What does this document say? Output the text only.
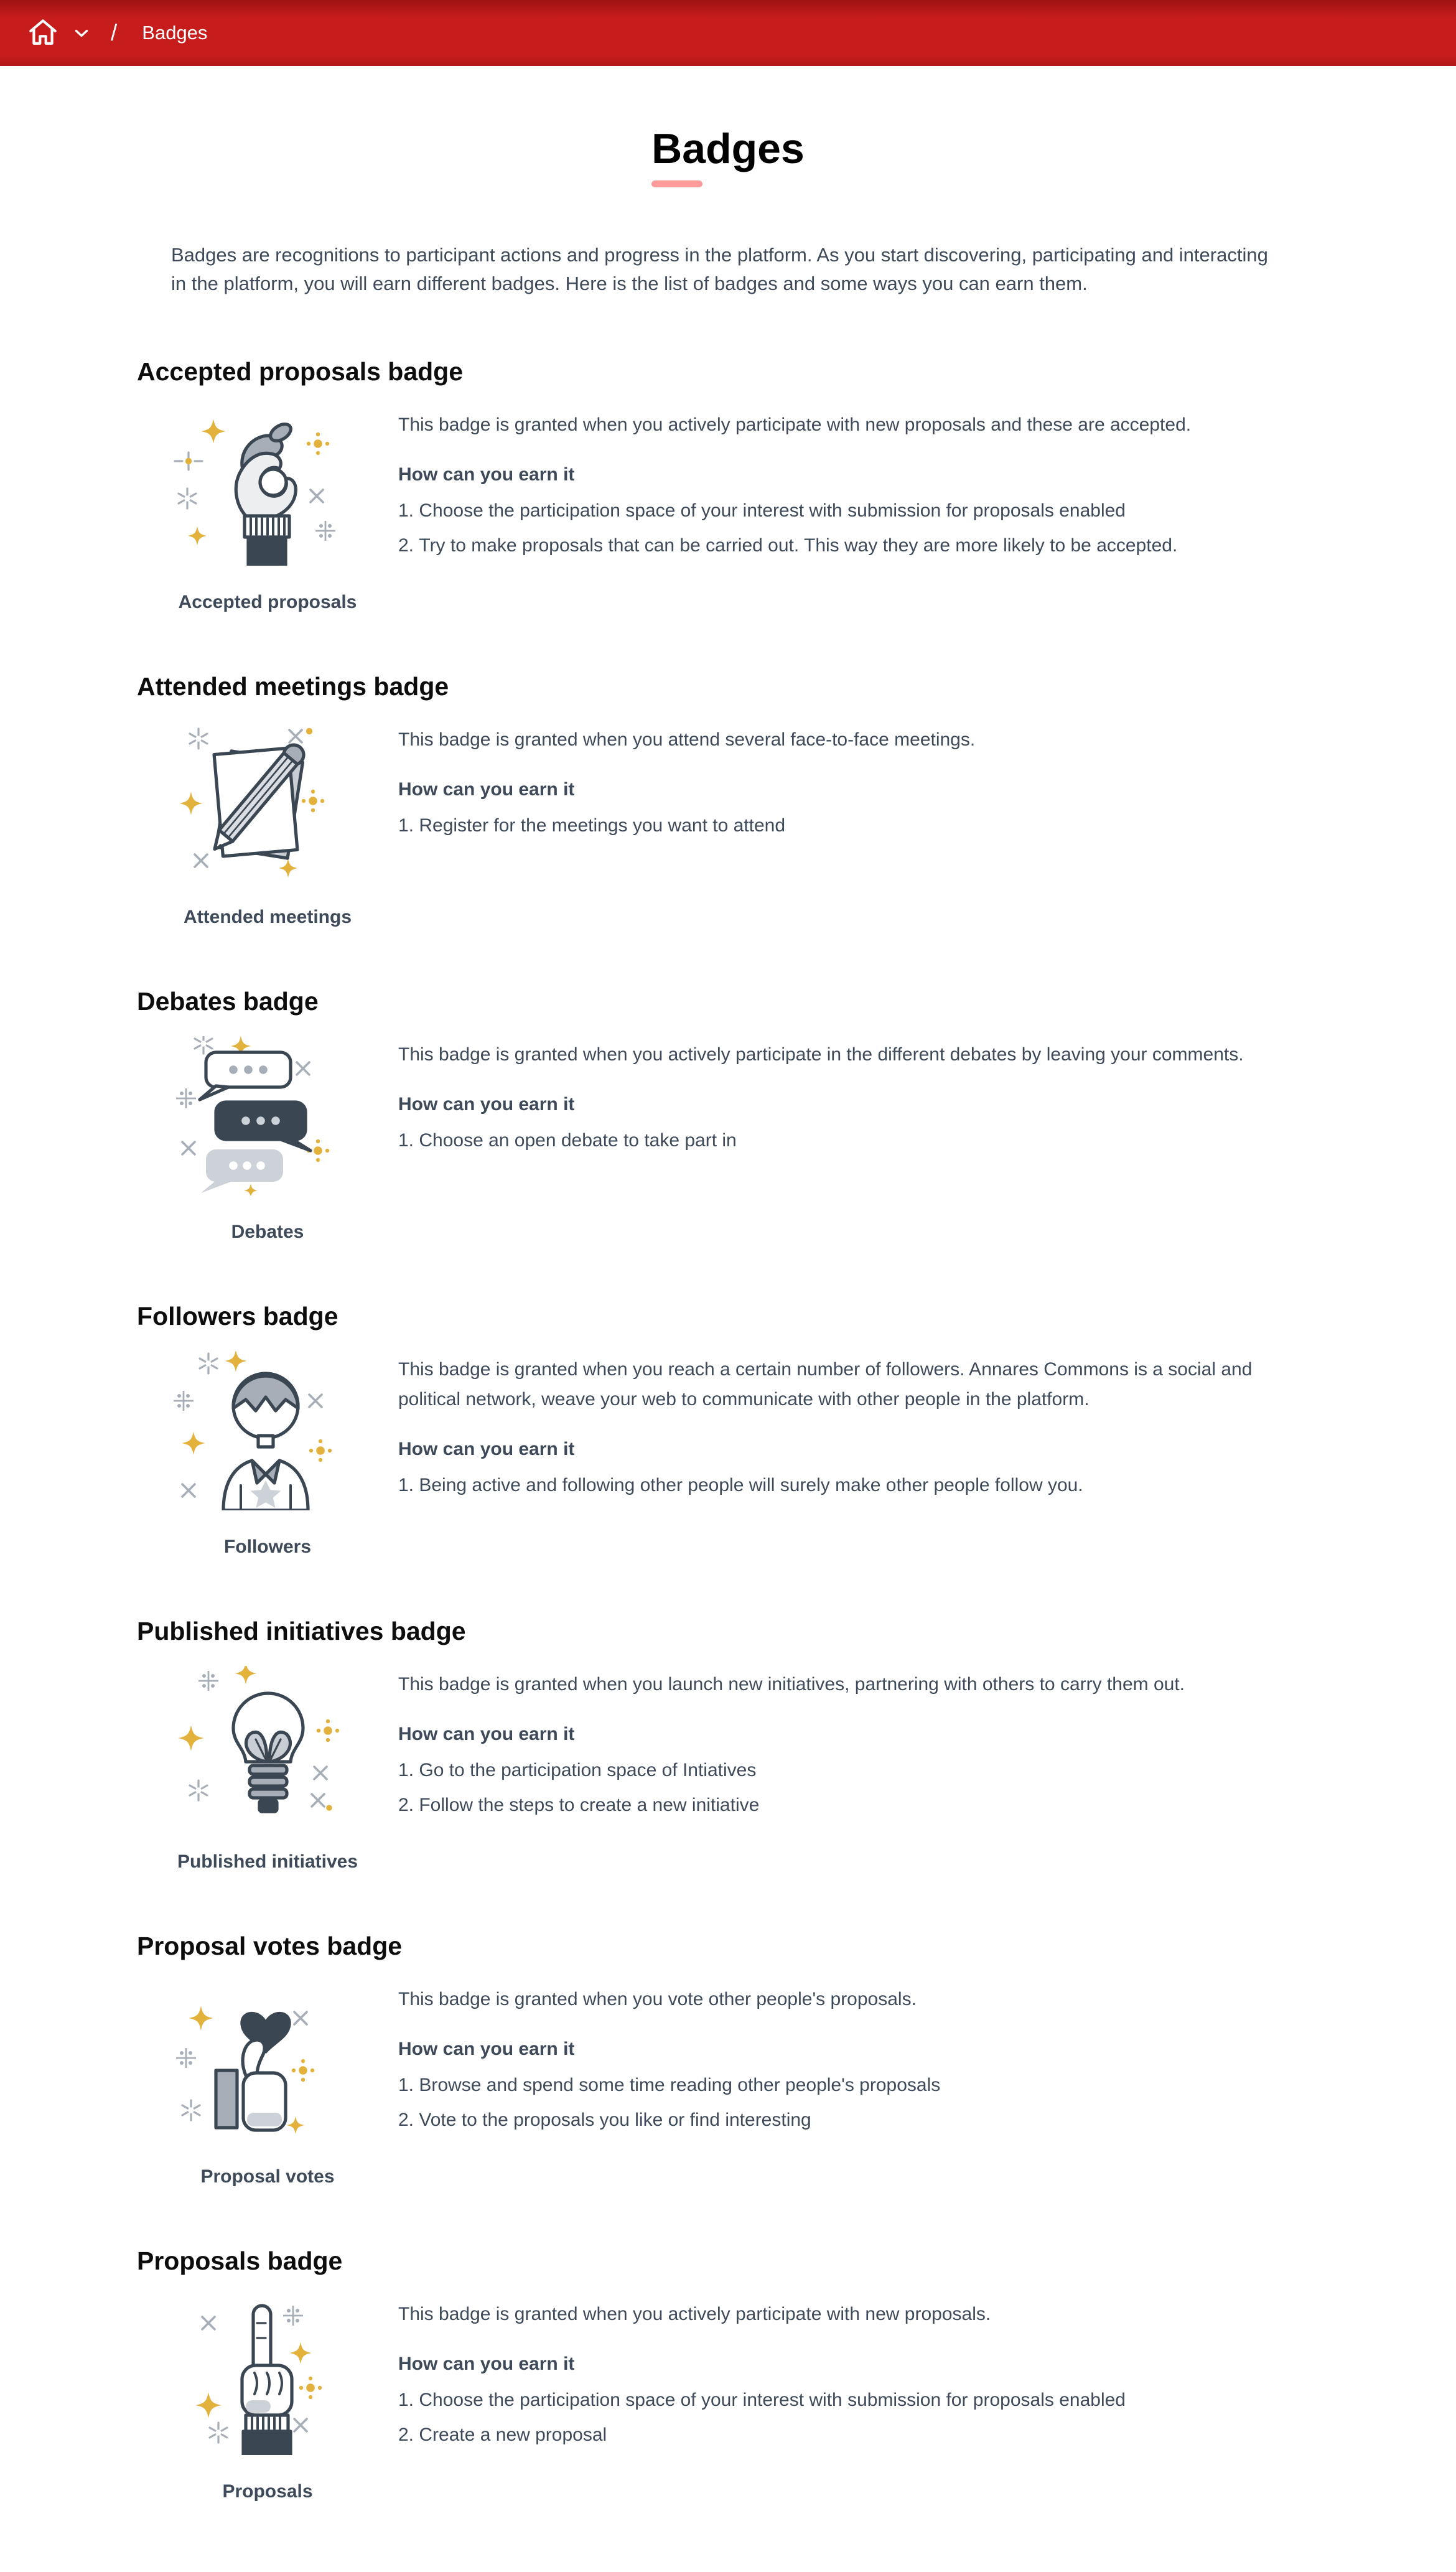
/ Badges
Badges

Badges are recognitions to participant actions and progress in the platform. As you start discovering, participating and interacting in the platform, you will earn different badges. Here is the list of badges and some ways you can earn them.

Accepted proposals badge
Accepted proposals

This badge is granted when you actively participate with new proposals and these are accepted.

How can you earn it
1. Choose the participation space of your interest with submission for proposals enabled
2. Try to make proposals that can be carried out. This way they are more likely to be accepted.
Attended meetings badge
Attended meetings

This badge is granted when you attend several face-to-face meetings.

How can you earn it
1. Register for the meetings you want to attend
Debates badge
Debates

This badge is granted when you actively participate in the different debates by leaving your comments.

How can you earn it
1. Choose an open debate to take part in
Followers badge
Followers

This badge is granted when you reach a certain number of followers. Annares Commons is a social and political network, weave your web to communicate with other people in the platform.

How can you earn it
1. Being active and following other people will surely make other people follow you.
Published initiatives badge
Published initiatives

This badge is granted when you launch new initiatives, partnering with others to carry them out.

How can you earn it
1. Go to the participation space of Intiatives
2. Follow the steps to create a new initiative
Proposal votes badge
Proposal votes

This badge is granted when you vote other people's proposals.

How can you earn it
1. Browse and spend some time reading other people's proposals
2. Vote to the proposals you like or find interesting
Proposals badge
Proposals

This badge is granted when you actively participate with new proposals.

How can you earn it
1. Choose the participation space of your interest with submission for proposals enabled
2. Create a new proposal
